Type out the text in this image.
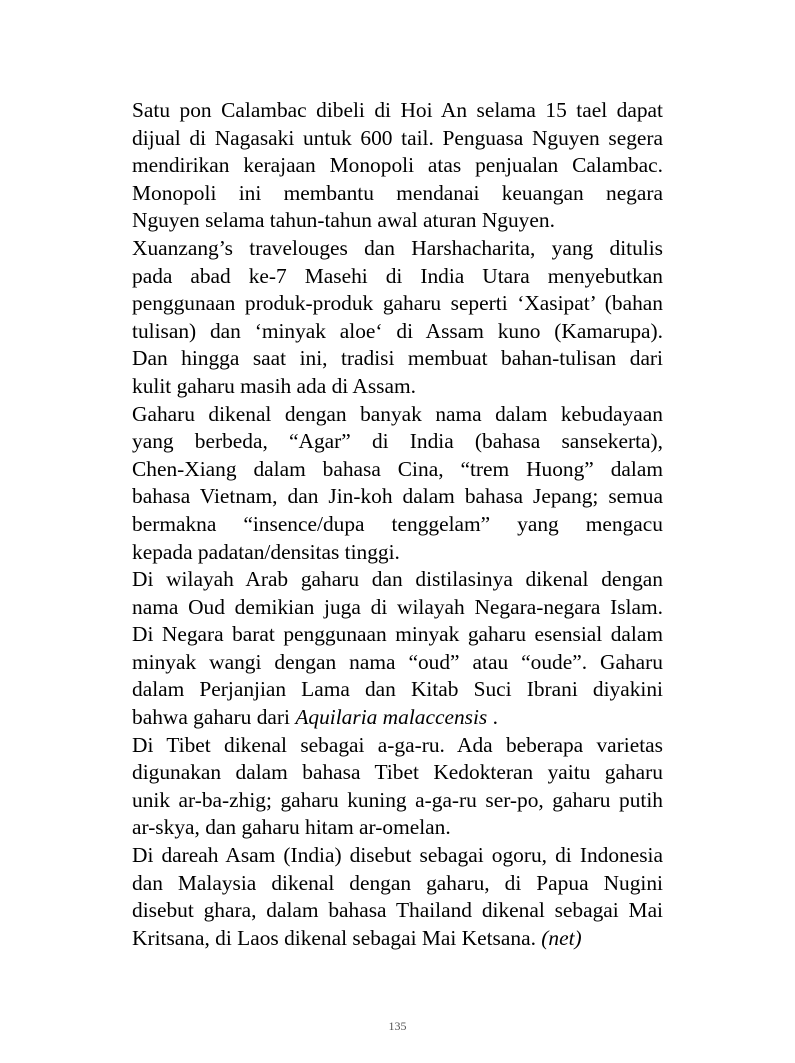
Satu pon Calambac dibeli di Hoi An selama 15 tael dapat
dijual di Nagasaki untuk 600 tail. Penguasa Nguyen segera
mendirikan kerajaan Monopoli atas penjualan Calambac.
Monopoli ini membantu mendanai keuangan negara
Nguyen selama tahun-tahun awal aturan Nguyen.

Xuanzang’s travelouges dan Harshacharita, yang ditulis
pada abad ke-7 Masehi di India Utara menyebutkan
penggunaan produk-produk gaharu seperti ‘Xasipat’ (bahan
tulisan) dan ‘minyak aloe‘ di Assam kuno (Kamarupa).
Dan hingga saat ini, tradisi membuat bahan-tulisan dari
kulit gaharu masih ada di Assam.

Gaharu dikenal dengan banyak nama dalam kebudayaan
yang berbeda, “Agar” di India (bahasa sansekerta),
Chen-Xiang dalam bahasa Cina, “trem Huong” dalam
bahasa Vietnam, dan Jin-koh dalam bahasa Jepang; semua
bermakna “insence/dupa tenggelam” yang mengacu
kepada padatan/densitas tinggi.

Di wilayah Arab gaharu dan distilasinya dikenal dengan
nama Oud demikian juga di wilayah Negara-negara Islam.
Di Negara barat penggunaan minyak gaharu esensial dalam
minyak wangi dengan nama “oud” atau “oude”. Gaharu
dalam Perjanjian Lama dan Kitab Suci Ibrani diyakini
bahwa gaharu dari Aquilaria malaccensis .

Di Tibet dikenal sebagai a-ga-ru. Ada beberapa varietas
digunakan dalam bahasa Tibet Kedokteran yaitu gaharu
unik ar-ba-zhig; gaharu kuning a-ga-ru ser-po, gaharu putih
ar-skya, dan gaharu hitam ar-omelan.

Di dareah Asam (India) disebut sebagai ogoru, di Indonesia
dan Malaysia dikenal dengan gaharu, di Papua Nugini
disebut ghara, dalam bahasa Thailand dikenal sebagai Mai
Kritsana, di Laos dikenal sebagai Mai Ketsana. (net)

135
